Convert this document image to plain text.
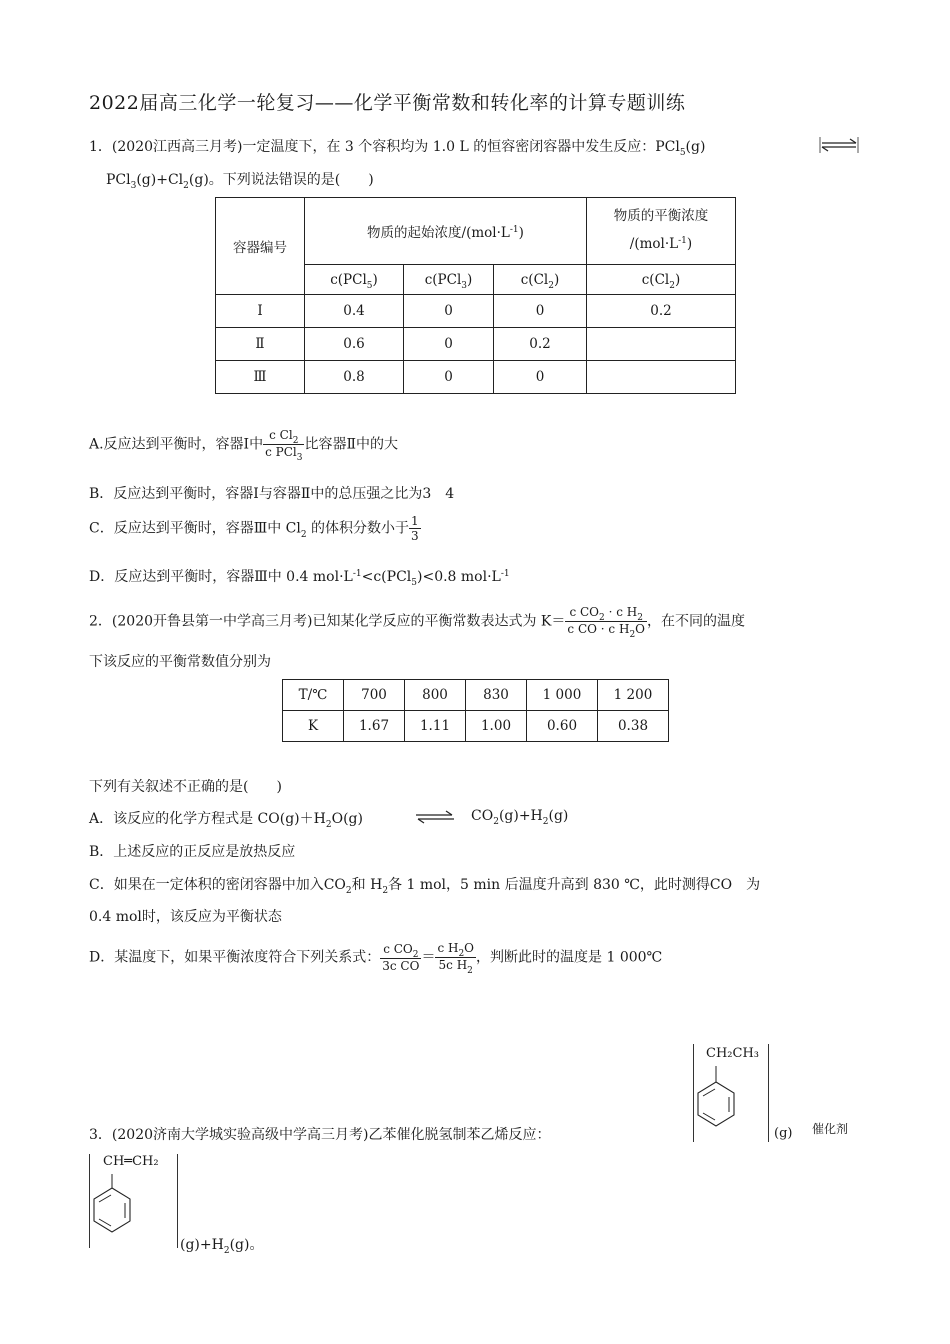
2022届高三化学一轮复习——化学平衡常数和转化率的计算专题训练
1．(2020江西高三月考)一定温度下，在 3 个容积均为 1.0 L 的恒容密闭容器中发生反应：PCl$_5$(g)
$PCl_3(g)+Cl_2(g)$。下列说法错误的是(　　)
容器编号	物质的起始浓度$/(mol\cdot L^{-1})$			物质的平衡浓度
$/(mol\cdot L^{-1})$

	c(PCl$_5$)	c(PCl$_3$)	$c(Cl_2)$	$c(Cl_2)$
Ⅰ	0.4	0	0	0.2
Ⅱ	0.6	0	0.2	
Ⅲ	0.8	0	0	
A.反应达到平衡时，容器Ⅰ中 $\frac{c Cl_2}{c PCl_3}$ 比容器Ⅱ中的大
B．反应达到平衡时，容器Ⅰ与容器Ⅱ中的总压强之比为3　4
C．反应达到平衡时，容器Ⅲ中 $Cl_2$ 的体积分数小于 $\frac{1}{3}$
D．反应达到平衡时，容器Ⅲ中 0.4 $mol\cdot L^{-1}<c(PCl_5)<0.8$ $mol\cdot L^{-1}$
2．(2020开鲁县第一中学高三月考)已知某化学反应的平衡常数表达式为 $K= \frac{c CO_2 \cdot c H_2}{c CO \cdot c H_2O}$ ，在不同的温度
下该反应的平衡常数值分别为
T/℃	700	800	830	1 000	1 200
K	1.67	1.11	1.00	0.60	0.38
下列有关叙述不正确的是(　　)
A．该反应的化学方程式是 $CO(g)+H_2O(g)$	⇌ $CO_2(g)+H_2(g)$
B．上述反应的正反应是放热反应
C．如果在一定体积的密闭容器中加入$CO_2$和 $H_2$各 1 mol，5 min 后温度升高到 830 ℃，此时测得CO　为
0.4 mol时，该反应为平衡状态
D．某温度下，如果平衡浓度符合下列关系式： $\frac{c CO_2}{\text{3c CO}} = \frac{c H_2O}{5c H_2}$ ，判断此时的温度是 1 000℃
3．(2020济南大学城实验高级中学高三月考)乙苯催化脱氢制苯乙烯反应：
CH₂CH₃
(g) 催化剂
CH═CH₂
$(g)+H_2(g)$。
